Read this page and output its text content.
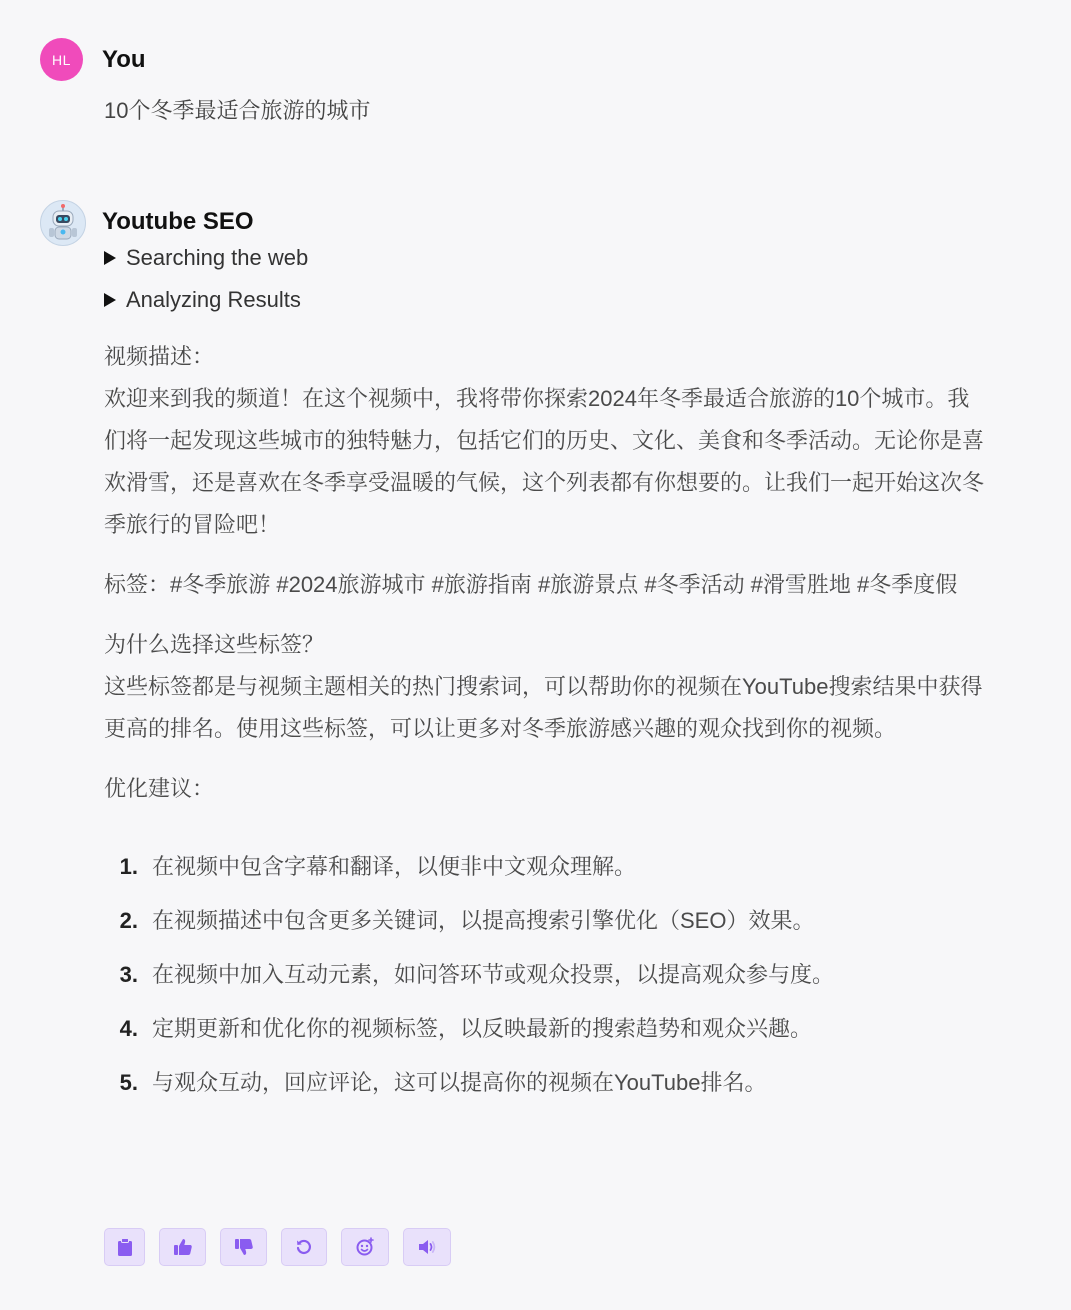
HL You
10个冬季最适合旅游的城市
Youtube SEO
Searching the web
Analyzing Results

视频描述：

欢迎来到我的频道！在这个视频中，我将带你探索2024年冬季最适合旅游的10个城市。我们将一起发现这些城市的独特魅力，包括它们的历史、文化、美食和冬季活动。无论你是喜欢滑雪，还是喜欢在冬季享受温暖的气候，这个列表都有你想要的。让我们一起开始这次冬季旅行的冒险吧！

标签：#冬季旅游 #2024旅游城市 #旅游指南 #旅游景点 #冬季活动 #滑雪胜地 #冬季度假

为什么选择这些标签？

这些标签都是与视频主题相关的热门搜索词，可以帮助你的视频在YouTube搜索结果中获得更高的排名。使用这些标签，可以让更多对冬季旅游感兴趣的观众找到你的视频。

优化建议：

1. 在视频中包含字幕和翻译，以便非中文观众理解。
2. 在视频描述中包含更多关键词，以提高搜索引擎优化（SEO）效果。
3. 在视频中加入互动元素，如问答环节或观众投票，以提高观众参与度。
4. 定期更新和优化你的视频标签，以反映最新的搜索趋势和观众兴趣。
5. 与观众互动，回应评论，这可以提高你的视频在YouTube排名。
